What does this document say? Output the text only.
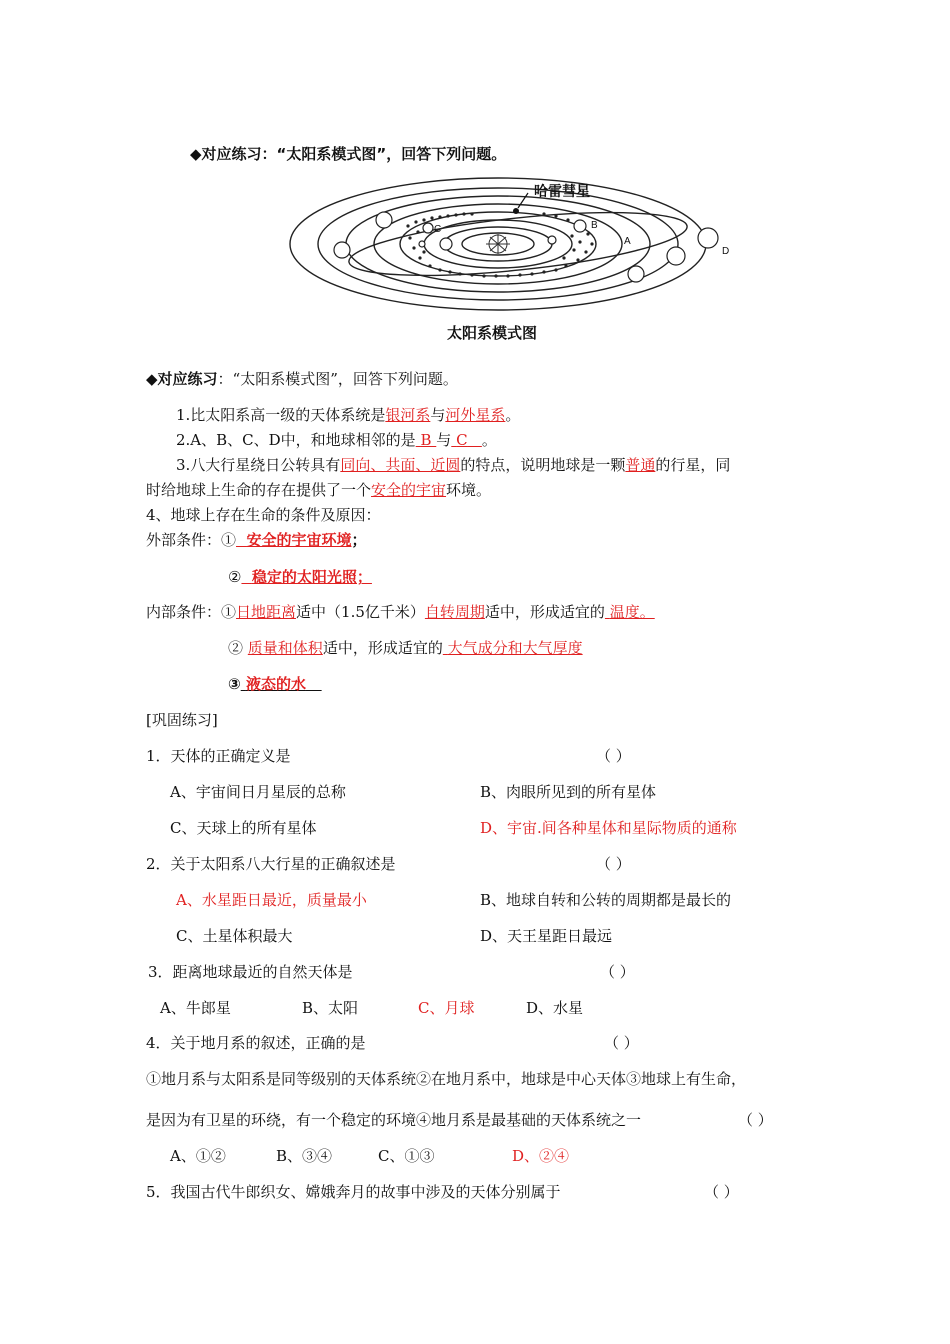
◆对应练习：“太阳系模式图”，回答下列问题。
A
B
C
D
哈雷彗星
太阳系模式图
◆对应练习：“太阳系模式图”，回答下列问题。
1.比太阳系高一级的天体系统是银河系与河外星系。
2.A、B、C、D中，和地球相邻的是 B 与 C 。
3.八大行星绕日公转具有同向、共面、近圆的特点，说明地球是一颗普通的行星，同
时给地球上生命的存在提供了一个安全的宇宙环境。
4、地球上存在生命的条件及原因：
外部条件：① 安全的宇宙环境；
② 稳定的太阳光照；
内部条件：①日地距离适中（1.5亿千米）自转周期适中，形成适宜的 温度。
② 质量和体积适中，形成适宜的 大气成分和大气厚度
③ 液态的水
[巩固练习]
1．天体的正确定义是	（ ）
A、宇宙间日月星辰的总称	B、肉眼所见到的所有星体
C、天球上的所有星体	D、宇宙.间各种星体和星际物质的通称
2．关于太阳系八大行星的正确叙述是	（ ）
A、水星距日最近，质量最小	B、地球自转和公转的周期都是最长的
C、土星体积最大	D、天王星距日最远
3．距离地球最近的自然天体是	（ ）
A、牛郎星	B、太阳	C、月球	D、水星
4．关于地月系的叙述，正确的是	（ ）
①地月系与太阳系是同等级别的天体系统②在地月系中，地球是中心天体③地球上有生命，
是因为有卫星的环绕，有一个稳定的环境④地月系是最基础的天体系统之一	（ ）
A、①②	B、③④	C、①③	D、②④
5．我国古代牛郎织女、嫦娥奔月的故事中涉及的天体分别属于	（ ）
